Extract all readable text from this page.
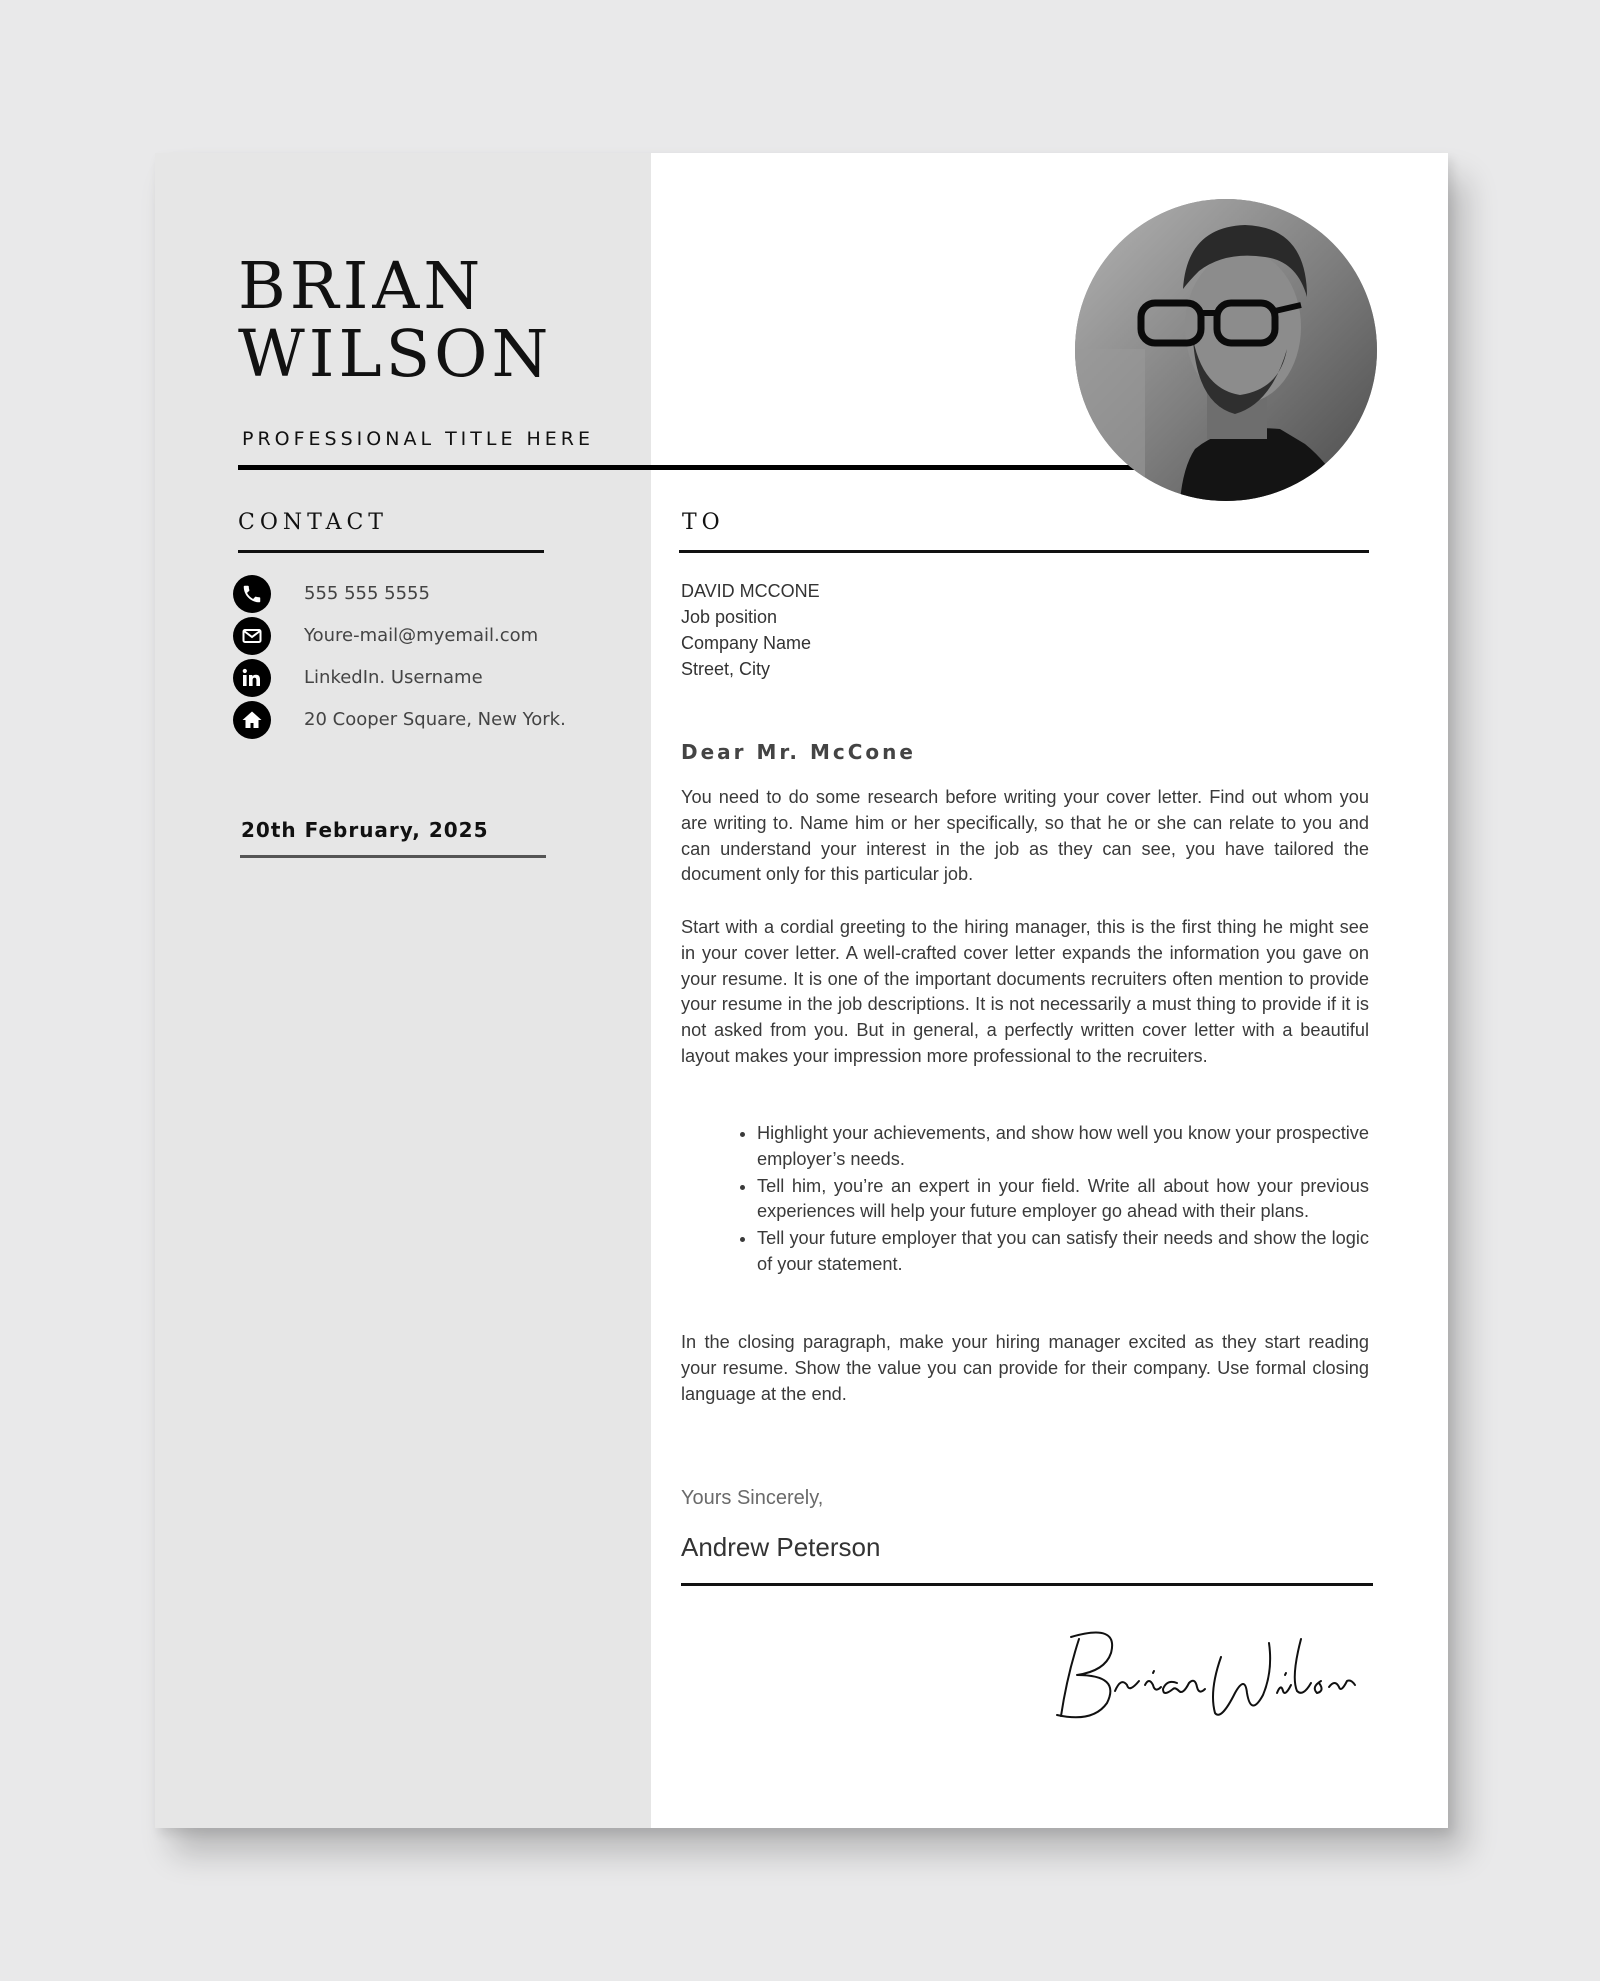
BRIAN
WILSON
PROFESSIONAL TITLE HERE
CONTACT
555 555 5555
Youre-mail@myemail.com
LinkedIn. Username
20 Cooper Square, New York.
20th February, 2025
TO
DAVID MCCONE
Job position
Company Name
Street, City
Dear Mr. McCone

You need to do some research before writing your cover letter. Find out whom you are writing to. Name him or her specifically, so that he or she can relate to you and can understand your interest in the job as they can see, you have tailored the document only for this particular job.

Start with a cordial greeting to the hiring manager, this is the first thing he might see in your cover letter. A well-crafted cover letter expands the information you gave on your resume. It is one of the important documents recruiters often mention to provide your resume in the job descriptions. It is not necessarily a must thing to provide if it is not asked from you. But in general, a perfectly written cover letter with a beautiful layout makes your impression more professional to the recruiters.

• Highlight your achievements, and show how well you know your prospective employer’s needs.
• Tell him, you’re an expert in your field. Write all about how your previous experiences will help your future employer go ahead with their plans.
• Tell your future employer that you can satisfy their needs and show the logic of your statement.

In the closing paragraph, make your hiring manager excited as they start reading your resume. Show the value you can provide for their company. Use formal closing language at the end.

Yours Sincerely,
Andrew Peterson
